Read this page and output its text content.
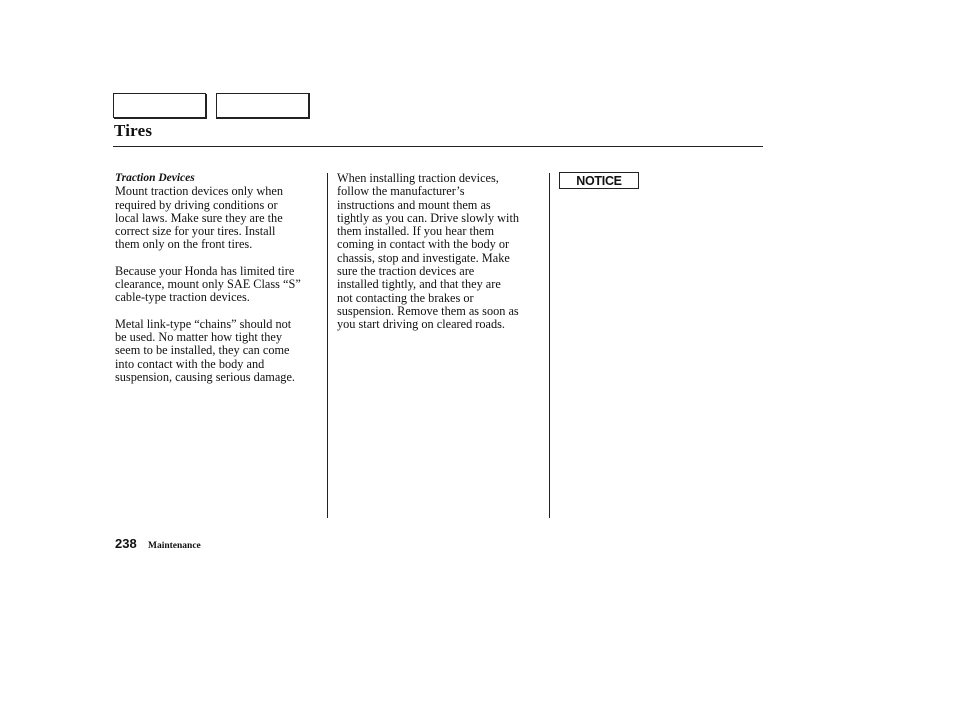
Tires
Traction Devices

Mount traction devices only when
required by driving conditions or
local laws. Make sure they are the
correct size for your tires. Install
them only on the front tires.

Because your Honda has limited tire
clearance, mount only SAE Class “S”
cable-type traction devices.

Metal link-type “chains” should not
be used. No matter how tight they
seem to be installed, they can come
into contact with the body and
suspension, causing serious damage.

When installing traction devices,
follow the manufacturer’s
instructions and mount them as
tightly as you can. Drive slowly with
them installed. If you hear them
coming in contact with the body or
chassis, stop and investigate. Make
sure the traction devices are
installed tightly, and that they are
not contacting the brakes or
suspension. Remove them as soon as
you start driving on cleared roads.

NOTICE
238 Maintenance
